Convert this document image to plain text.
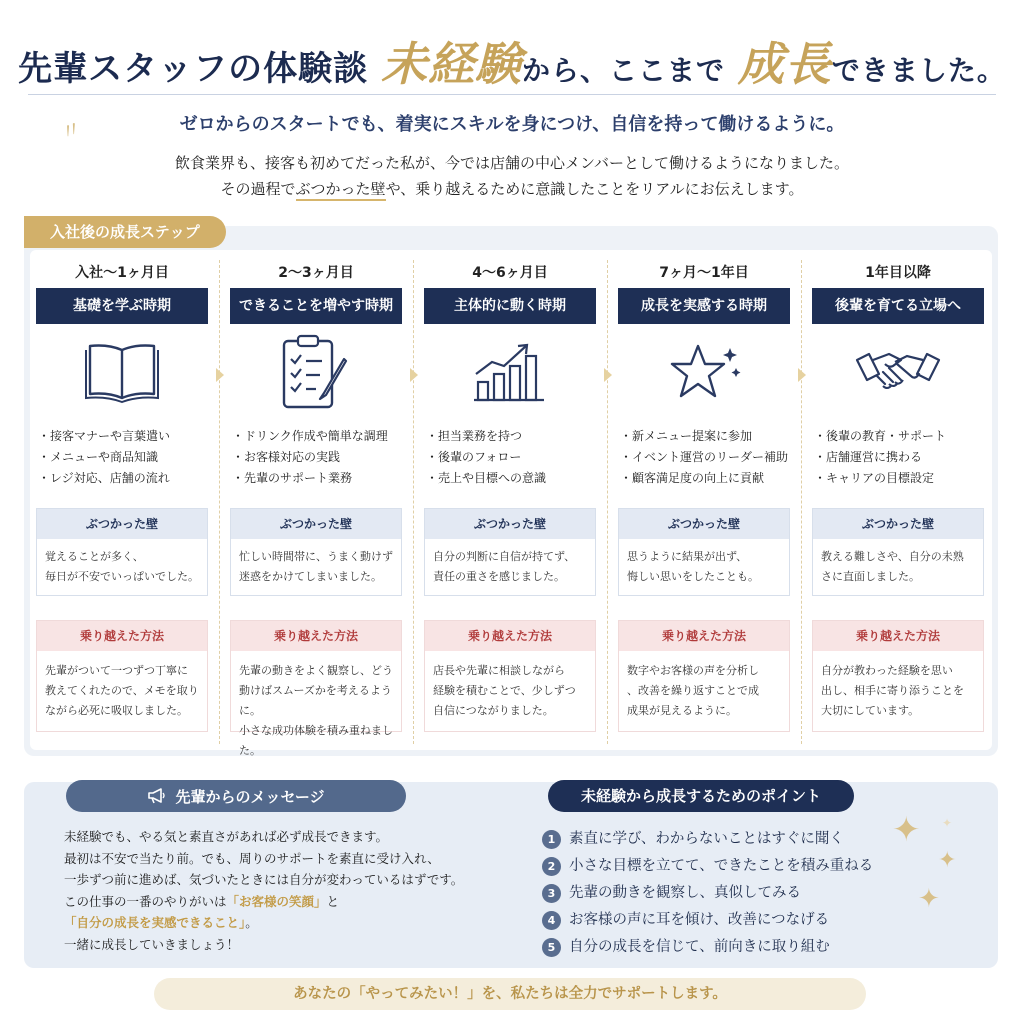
先輩スタッフの体験談 未経験から、ここまで 成長できました。
〃	ゼロからのスタートでも、着実にスキルを身につけ、自信を持って働けるように。
飲食業界も、接客も初めてだった私が、今では店舗の中心メンバーとして働けるようになりました。
その過程でぶつかった壁や、乗り越えるために意識したことをリアルにお伝えします。
入社後の成長ステップ
入社〜1ヶ月目
基礎を学ぶ時期
・ 接客マナーや言葉遣い
・ メニューや商品知識
・ レジ対応、店舗の流れ
ぶつかった壁
覚えることが多く、
毎日が不安でいっぱいでした。
乗り越えた方法
先輩がついて一つずつ丁寧に
教えてくれたので、メモを取り
ながら必死に吸収しました。
2〜3ヶ月目
できることを増やす時期
・ ドリンク作成や簡単な調理
・ お客様対応の実践
・ 先輩のサポート業務
ぶつかった壁
忙しい時間帯に、うまく動けず
迷惑をかけてしまいました。
乗り越えた方法
先輩の動きをよく観察し、どう
動けばスムーズかを考えるように。
小さな成功体験を積み重ねました。
4〜6ヶ月目
主体的に動く時期
・ 担当業務を持つ
・ 後輩のフォロー
・ 売上や目標への意識
ぶつかった壁
自分の判断に自信が持てず、
責任の重さを感じました。
乗り越えた方法
店長や先輩に相談しながら
経験を積むことで、少しずつ
自信につながりました。
7ヶ月〜1年目
成長を実感する時期
・ 新メニュー提案に参加
・ イベント運営のリーダー補助
・ 顧客満足度の向上に貢献
ぶつかった壁
思うように結果が出ず、
悔しい思いをしたことも。
乗り越えた方法
数字やお客様の声を分析し
、改善を繰り返すことで成
成果が見えるように。
1年目以降
後輩を育てる立場へ
・ 後輩の教育・サポート
・ 店舗運営に携わる
・ キャリアの目標設定
ぶつかった壁
教える難しさや、自分の未熟
さに直面しました。
乗り越えた方法
自分が教わった経験を思い
出し、相手に寄り添うことを
大切にしています。
先輩からのメッセージ
未経験でも、やる気と素直さがあれば必ず成長できます。
最初は不安で当たり前。でも、周りのサポートを素直に受け入れ、
一歩ずつ前に進めば、気づいたときには自分が変わっているはずです。
この仕事の一番のやりがいは「お客様の笑顔」と
「自分の成長を実感できること」。
一緒に成長していきましょう！
未経験から成長するためのポイント
1 素直に学び、わからないことはすぐに聞く
2 小さな目標を立てて、できたことを積み重ねる
3 先輩の動きを観察し、真似してみる
4 お客様の声に耳を傾け、改善につなげる
5 自分の成長を信じて、前向きに取り組む
✦
✦
✦
✦
あなたの「やってみたい！」を、私たちは全力でサポートします。
